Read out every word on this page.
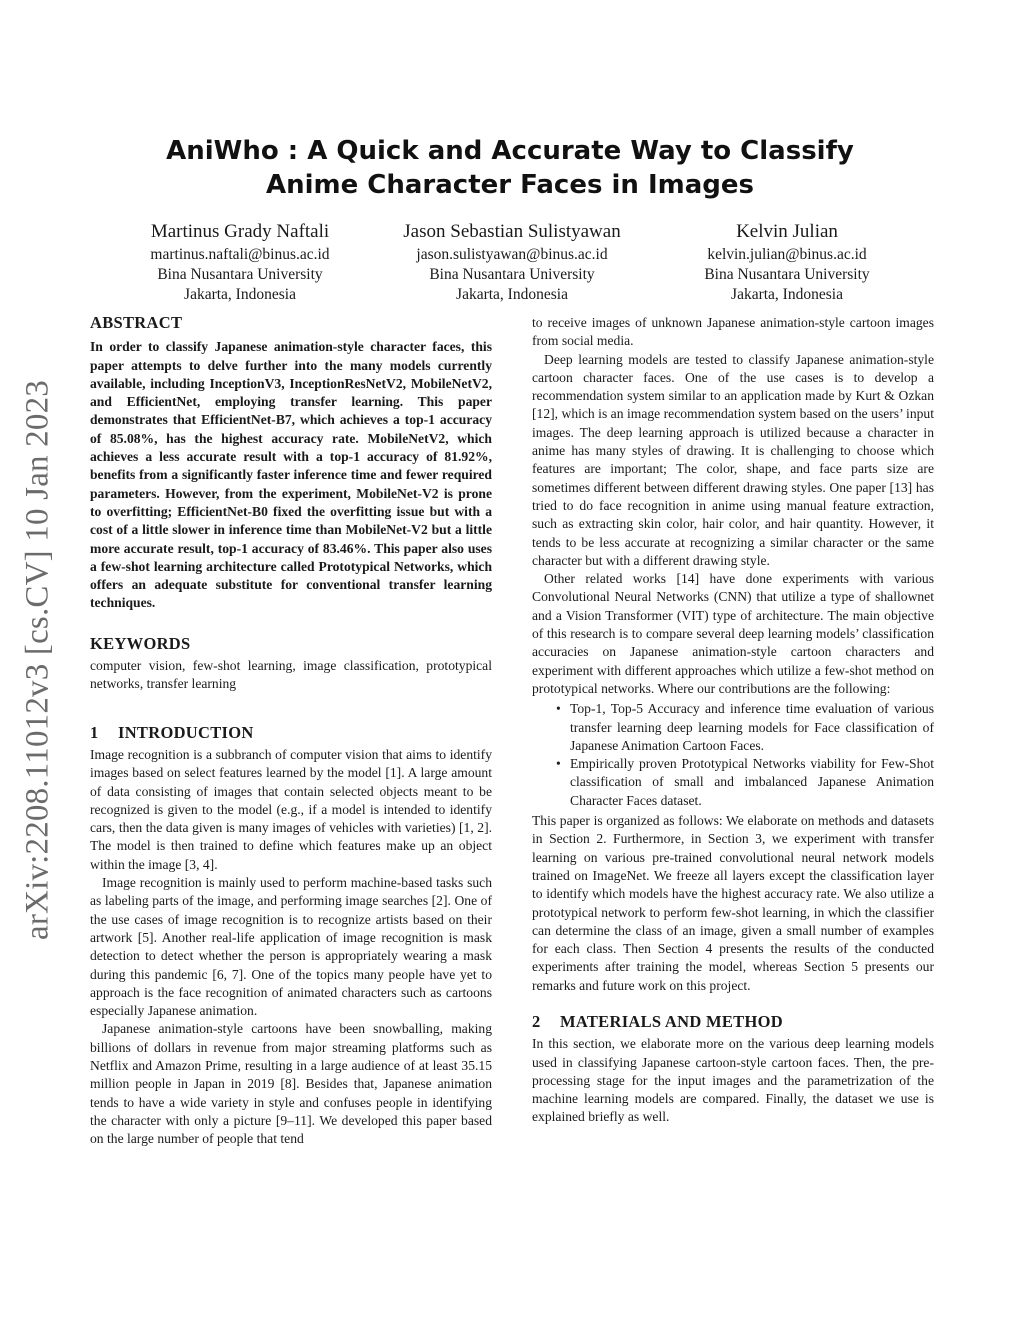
arXiv:2208.11012v3 [cs.CV] 10 Jan 2023
AniWho : A Quick and Accurate Way to Classify Anime Character Faces in Images
Martinus Grady Naftali
martinus.naftali@binus.ac.id
Bina Nusantara University
Jakarta, Indonesia
Jason Sebastian Sulistyawan
jason.sulistyawan@binus.ac.id
Bina Nusantara University
Jakarta, Indonesia
Kelvin Julian
kelvin.julian@binus.ac.id
Bina Nusantara University
Jakarta, Indonesia
ABSTRACT

In order to classify Japanese animation-style character faces, this paper attempts to delve further into the many models currently available, including InceptionV3, InceptionResNetV2, MobileNetV2, and EfficientNet, employing transfer learning. This paper demonstrates that EfficientNet-B7, which achieves a top-1 accuracy of 85.08%, has the highest accuracy rate. MobileNetV2, which achieves a less accurate result with a top-1 accuracy of 81.92%, benefits from a significantly faster inference time and fewer required parameters. However, from the experiment, MobileNet-V2 is prone to overfitting; EfficientNet-B0 fixed the overfitting issue but with a cost of a little slower in inference time than MobileNet-V2 but a little more accurate result, top-1 accuracy of 83.46%. This paper also uses a few-shot learning architecture called Prototypical Networks, which offers an adequate substitute for conventional transfer learning techniques.

KEYWORDS

computer vision, few-shot learning, image classification, prototypical networks, transfer learning

1	INTRODUCTION

Image recognition is a subbranch of computer vision that aims to identify images based on select features learned by the model [1]. A large amount of data consisting of images that contain selected objects meant to be recognized is given to the model (e.g., if a model is intended to identify cars, then the data given is many images of vehicles with varieties) [1, 2]. The model is then trained to define which features make up an object within the image [3, 4].

Image recognition is mainly used to perform machine-based tasks such as labeling parts of the image, and performing image searches [2]. One of the use cases of image recognition is to recognize artists based on their artwork [5]. Another real-life application of image recognition is mask detection to detect whether the person is appropriately wearing a mask during this pandemic [6, 7]. One of the topics many people have yet to approach is the face recognition of animated characters such as cartoons especially Japanese animation.

Japanese animation-style cartoons have been snowballing, making billions of dollars in revenue from major streaming platforms such as Netflix and Amazon Prime, resulting in a large audience of at least 35.15 million people in Japan in 2019 [8]. Besides that, Japanese animation tends to have a wide variety in style and confuses people in identifying the character with only a picture [9–11]. We developed this paper based on the large number of people that tend

to receive images of unknown Japanese animation-style cartoon images from social media.

Deep learning models are tested to classify Japanese animation-style cartoon character faces. One of the use cases is to develop a recommendation system similar to an application made by Kurt & Ozkan [12], which is an image recommendation system based on the users’ input images. The deep learning approach is utilized because a character in anime has many styles of drawing. It is challenging to choose which features are important; The color, shape, and face parts size are sometimes different between different drawing styles. One paper [13] has tried to do face recognition in anime using manual feature extraction, such as extracting skin color, hair color, and hair quantity. However, it tends to be less accurate at recognizing a similar character or the same character but with a different drawing style.

Other related works [14] have done experiments with various Convolutional Neural Networks (CNN) that utilize a type of shallownet and a Vision Transformer (VIT) type of architecture. The main objective of this research is to compare several deep learning models’ classification accuracies on Japanese animation-style cartoon characters and experiment with different approaches which utilize a few-shot method on prototypical networks. Where our contributions are the following:

• Top-1, Top-5 Accuracy and inference time evaluation of various transfer learning deep learning models for Face classification of Japanese Animation Cartoon Faces.
• Empirically proven Prototypical Networks viability for Few-Shot classification of small and imbalanced Japanese Animation Character Faces dataset.

This paper is organized as follows: We elaborate on methods and datasets in Section 2. Furthermore, in Section 3, we experiment with transfer learning on various pre-trained convolutional neural network models trained on ImageNet. We freeze all layers except the classification layer to identify which models have the highest accuracy rate. We also utilize a prototypical network to perform few-shot learning, in which the classifier can determine the class of an image, given a small number of examples for each class. Then Section 4 presents the results of the conducted experiments after training the model, whereas Section 5 presents our remarks and future work on this project.

2	MATERIALS AND METHOD

In this section, we elaborate more on the various deep learning models used in classifying Japanese cartoon-style cartoon faces. Then, the pre-processing stage for the input images and the parametrization of the machine learning models are compared. Finally, the dataset we use is explained briefly as well.
